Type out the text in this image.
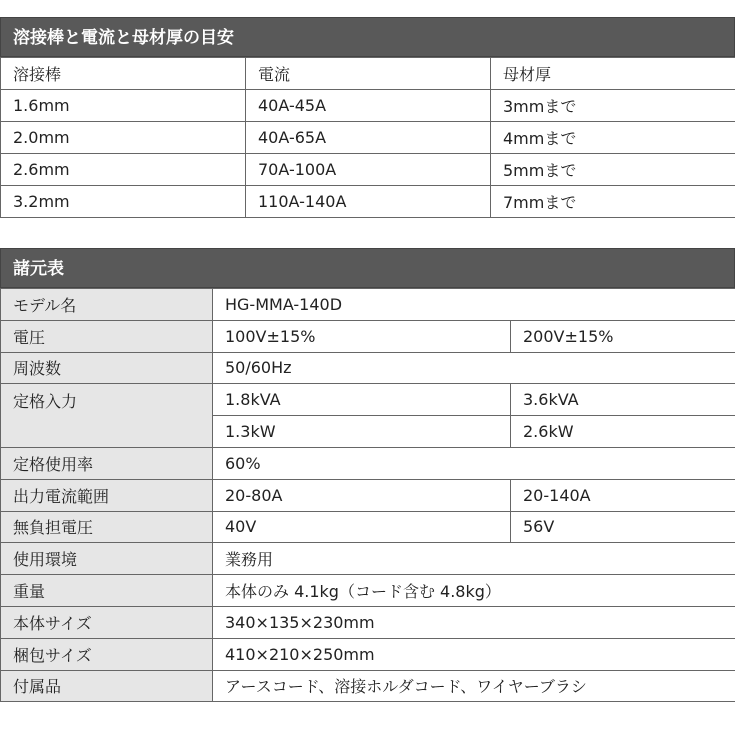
溶接棒と電流と母材厚の目安
溶接棒	電流	母材厚
1.6mm	40A-45A	3mmまで
2.0mm	40A-65A	4mmまで
2.6mm	70A-100A	5mmまで
3.2mm	110A-140A	7mmまで
諸元表
モデル名	HG-MMA-140D	
電圧	100V±15%	200V±15%
周波数	50/60Hz	
定格入力	1.8kVA	3.6kVA
	1.3kW	2.6kW
定格使用率	60%	
出力電流範囲	20-80A	20-140A
無負担電圧	40V	56V
使用環境	業務用	
重量	本体のみ 4.1kg（コード含む 4.8kg）	
本体サイズ	340×135×230mm	
梱包サイズ	410×210×250mm	
付属品	アースコード、溶接ホルダコード、ワイヤーブラシ	
